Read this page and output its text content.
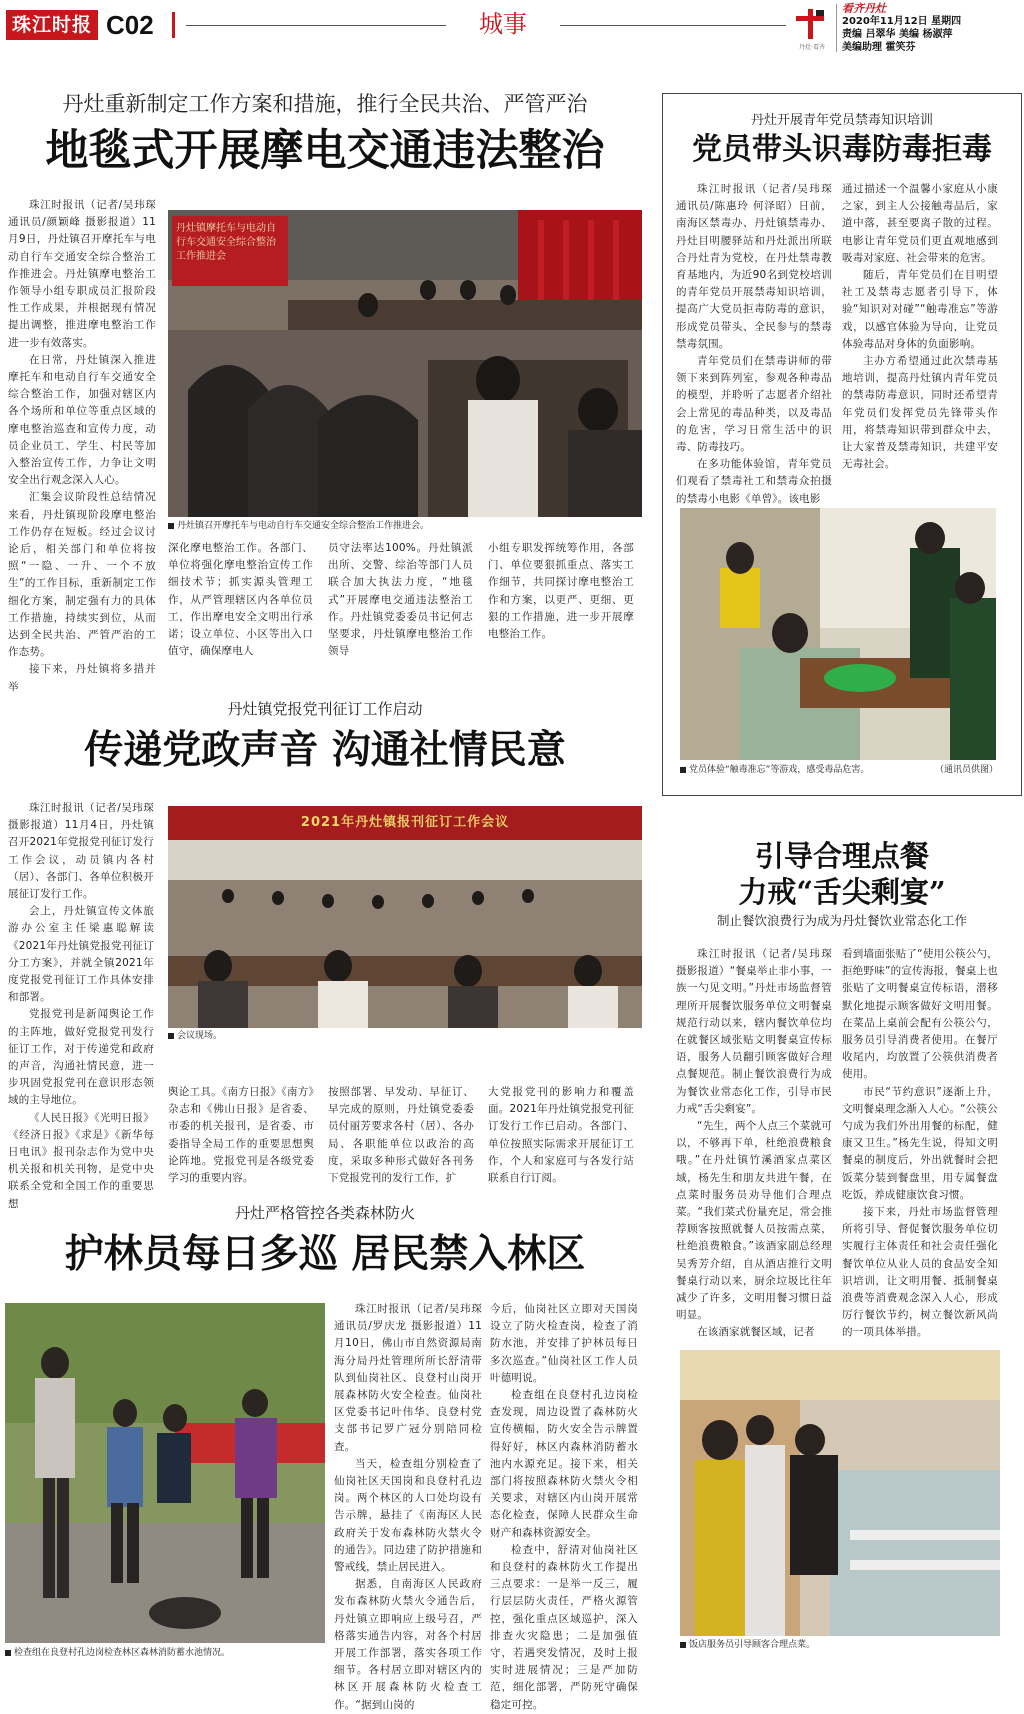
珠江时报 C02	城事
丹灶·看齐
看齐丹灶
2020年11月12日 星期四
责编 吕翠华 美编 杨淑萍
美编助理 霍笑芬
丹灶重新制定工作方案和措施，推行全民共治、严管严治
地毯式开展摩电交通违法整治

珠江时报讯（记者/吴玮琛 通讯员/颜颖峰 摄影报道）11月9日，丹灶镇召开摩托车与电动自行车交通安全综合整治工作推进会。丹灶镇摩电整治工作领导小组专职成员汇报阶段性工作成果，并根据现有情况提出调整，推进摩电整治工作进一步有效落实。

在日常，丹灶镇深入推进摩托车和电动自行车交通安全综合整治工作，加强对辖区内各个场所和单位等重点区域的摩电整治巡查和宣传力度，动员企业员工、学生、村民等加入整治宣传工作，力争让文明安全出行观念深入人心。

汇集会议阶段性总结情况来看，丹灶镇现阶段摩电整治工作仍存在短板。经过会议讨论后，相关部门和单位将按照“一隐、一升、一个不放生”的工作目标，重新制定工作细化方案，制定强有力的具体工作措施，持续实到位，从而达到全民共治、严管严治的工作态势。

接下来，丹灶镇将多措并举

丹灶镇摩托车与电动自行车交通安全综合整治工作推进会
丹灶镇召开摩托车与电动自行车交通安全综合整治工作推进会。

深化摩电整治工作。各部门、单位将强化摩电整治宣传工作细技术节；抓实源头管理工作，从严管理辖区内各单位员工，作出摩电安全文明出行承诺；设立单位、小区等出入口值守，确保摩电人

员守法率达100%。丹灶镇派出所、交警、综治等部门人员联合加大执法力度，“地毯式”开展摩电交通违法整治工作。丹灶镇党委委员书记何志坚要求，丹灶镇摩电整治工作领导

小组专职发挥统筹作用，各部门、单位要狠抓重点、落实工作细节，共同探讨摩电整治工作和方案，以更严、更细、更狠的工作措施，进一步开展摩电整治工作。

丹灶开展青年党员禁毒知识培训
党员带头识毒防毒拒毒

珠江时报讯（记者/吴玮琛 通讯员/陈惠玲 何泽昭）日前，南海区禁毒办、丹灶镇禁毒办、丹灶目明腰驿站和丹灶派出所联合丹灶青为党校，在丹灶禁毒教育基地内，为近90名到党校培训的青年党员开展禁毒知识培训，提高广大党员拒毒防毒的意识，形成党员带头、全民参与的禁毒禁毒氛围。

青年党员们在禁毒讲师的带领下来到阵列室，参观各种毒品的模型，并聆听了志愿者介绍社会上常见的毒品种类，以及毒品的危害，学习日常生活中的识毒、防毒技巧。

在多功能体验馆，青年党员们观看了禁毒社工和禁毒众拍摄的禁毒小电影《单曾》。该电影

通过描述一个温馨小家庭从小康之家，到主人公接触毒品后，家道中落，甚至要离子散的过程。电影让青年党员们更直观地感到吸毒对家庭、社会带来的危害。

随后，青年党员们在目明望社工及禁毒志愿者引导下，体验“知识对对碰”“触毒准忘”等游戏，以感官体验为导向，让党员体验毒品对身体的负面影响。

主办方希望通过此次禁毒基地培训，提高丹灶镇内青年党员的禁毒防毒意识，同时还希望青年党员们发挥党员先锋带头作用，将禁毒知识带到群众中去，让大家普及禁毒知识，共建平安无毒社会。

党员体验“触毒准忘”等游戏，感受毒品危害。	（通讯员供图）
丹灶镇党报党刊征订工作启动
传递党政声音 沟通社情民意

珠江时报讯（记者/吴玮琛 摄影报道）11月4日，丹灶镇召开2021年党报党刊征订发行工作会议，动员镇内各村（居）、各部门、各单位积极开展征订发行工作。

会上，丹灶镇宣传文体旅游办公室主任梁惠聪解读《2021年丹灶镇党报党刊征订分工方案》，并就全镇2021年度党报党刊征订工作具体安排和部署。

党报党刊是新闻舆论工作的主阵地，做好党报党刊发行征订工作，对于传递党和政府的声音，沟通社情民意，进一步巩固党报党刊在意识形态领域的主导地位。

《人民日报》《光明日报》《经济日报》《求是》《新华每日电讯》报刊杂志作为党中央机关报和机关刊物，是党中央联系全党和全国工作的重要思想

2021年丹灶镇报刊征订工作会议
会议现场。

舆论工具。《南方日报》《南方》杂志和《佛山日报》是省委、市委的机关报刊，是省委、市委指导全局工作的重要思想舆论阵地。党报党刊是各级党委学习的重要内容。

按照部署、早发动、早征订、早完成的原则，丹灶镇党委委员付丽芳要求各村（居）、各办局、各职能单位以政治的高度，采取多种形式做好各刊务下党报党刊的发行工作，扩

大党报党刊的影响力和覆盖面。2021年丹灶镇党报党刊征订发行工作已启动。各部门、单位按照实际需求开展征订工作，个人和家庭可与各发行站联系自行订阅。

引导合理点餐
力戒“舌尖剩宴”
制止餐饮浪费行为成为丹灶餐饮业常态化工作

珠江时报讯（记者/吴玮琛 摄影报道）“餐桌举止非小事，一族一勺见文明。”丹灶市场监督管理所开展餐饮服务单位文明餐桌规范行动以来，辖内餐饮单位均在就餐区域张贴文明餐桌宣传标语，服务人员翻引顾客做好合理点餐规范。制止餐饮浪费行为成为餐饮业常态化工作，引导市民力戒“舌尖剩宴”。

“先生，两个人点三个菜就可以，不够再下单，杜绝浪费粮食哦。”在丹灶镇竹溪酒家点菜区域，杨先生和朋友共进午餐，在点菜时服务员劝导他们合理点菜。“我们菜式份量充足，常会推荐顾客按照就餐人员按需点菜，杜绝浪费粮食。”该酒家副总经理吴秀芳介绍，自从酒店推行文明餐桌行动以来，厨余垃圾比往年减少了许多，文明用餐习惯日益明显。

在该酒家就餐区域，记者

看到墙面张贴了“使用公筷公勺，拒绝野味”的宣传海报，餐桌上也张贴了文明餐桌宣传标语，潜移默化地提示顾客做好文明用餐。在菜品上桌前会配有公筷公勺，服务员引导消费者使用。在餐厅收尾内，均放置了公筷供消费者使用。

市民“节约意识”逐渐上升，文明餐桌理念渐入人心。“公筷公勺成为我们外出用餐的标配，健康又卫生。”杨先生说，得知文明餐桌的制度后，外出就餐时会把饭菜分装到餐盘里，用专属餐盘吃饭，养成健康饮食习惯。

接下来，丹灶市场监督管理所将引导、督促餐饮服务单位切实履行主体责任和社会责任强化餐饮单位从业人员的食品安全知识培训，让文明用餐、抵制餐桌浪费等消费观念深入人心，形成厉行餐饮节约，树立餐饮新风尚的一项具体举措。

饭店服务员引导顾客合理点菜。
丹灶严格管控各类森林防火
护林员每日多巡 居民禁入林区
检查组在良登村孔边岗检查林区森林消防蓄水池情况。

珠江时报讯（记者/吴玮琛 通讯员/罗庆龙 摄影报道）11月10日，佛山市自然资源局南海分局丹灶管理所所长舒清带队到仙岗社区、良登村山岗开展森林防火安全检查。仙岗社区党委书记叶伟华、良登村党支部书记罗广冠分别陪同检查。

当天，检查组分别检查了仙岗社区天国岗和良登村孔边岗。两个林区的人口处均设有告示牌，悬挂了《南海区人民政府关于发布森林防火禁火令的通告》。同边建了防护措施和警戒线，禁止居民进入。

据悉，自南海区人民政府发布森林防火禁火令通告后，丹灶镇立即响应上级号召，严格落实通告内容，对各个村居开展工作部署，落实各项工作细节。各村居立即对辖区内的林区开展森林防火检查工作。“据到山岗的

今后，仙岗社区立即对天国岗设立了防火检查岗，检查了消防水池，并安排了护林员每日多次巡查。”仙岗社区工作人员叶德明说。

检查组在良登村孔边岗检查发现，周边设置了森林防火宣传横幅，防火安全告示牌置得好好，林区内森林消防蓄水池内水源充足。接下来，相关部门将按照森林防火禁火令相关要求，对辖区内山岗开展常态化检查，保障人民群众生命财产和森林资源安全。

检查中，舒清对仙岗社区和良登村的森林防火工作提出三点要求：一是举一反三，履行层层防火责任，严格火源管控，强化重点区域巡护，深入排查火灾隐患；二是加强值守，若遇突发情况，及时上报实时进展情况；三是严加防范，细化部署，严防死守确保稳定可控。
